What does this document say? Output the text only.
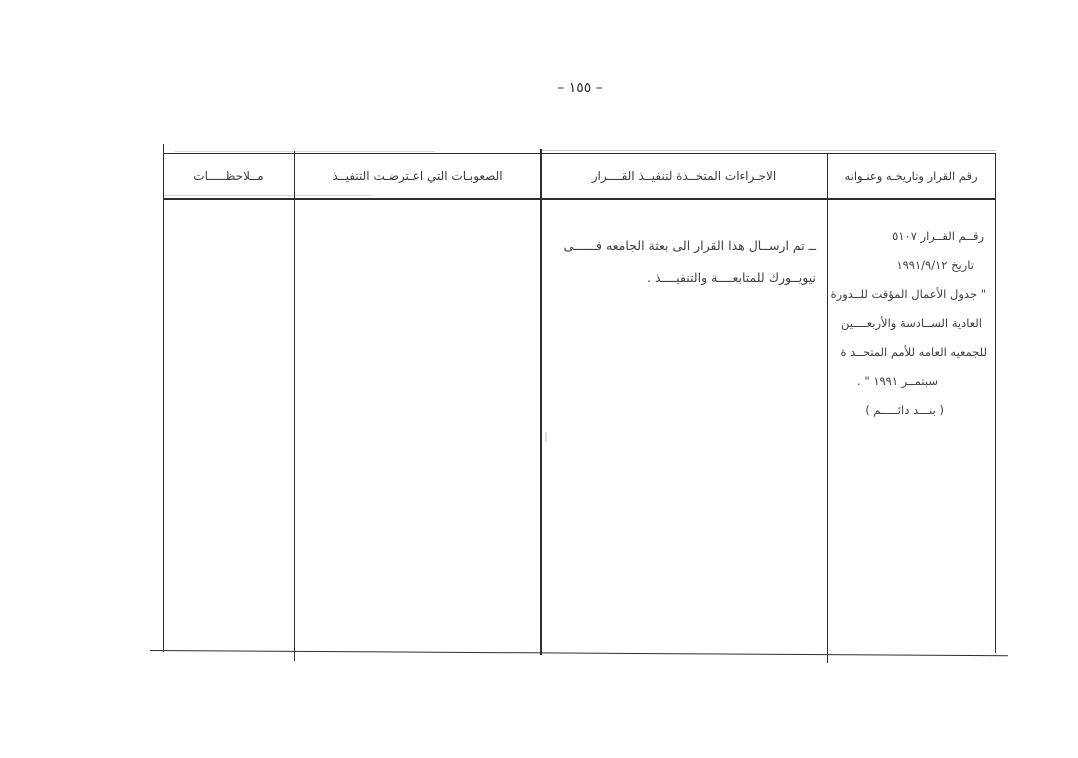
– ١٥٥ –
رقم القرار وتاريخـه وعنـوانه
الاجـراءات المتخــذة لتنفيــذ القــــرار
الصعوبـات التي اعـترضـت التنفيــذ
مــلاحظـــــات
رقــم القــرار ٥١٠٧
تاريخ ١٩٩١/٩/١٢
" جدول الأعمال المؤقت للــدورة
العادية الســادسة والأربعــــين
للجمعيه العامه للأمم المتحــد ة
سبتمــر ١٩٩١ " .
( بنـــد دائـــــم )
ــ تم ارســال هذا القرار الى بعثة الجامعه فــــــى
نيويــورك للمتابعــــة والتنفيــــذ .
